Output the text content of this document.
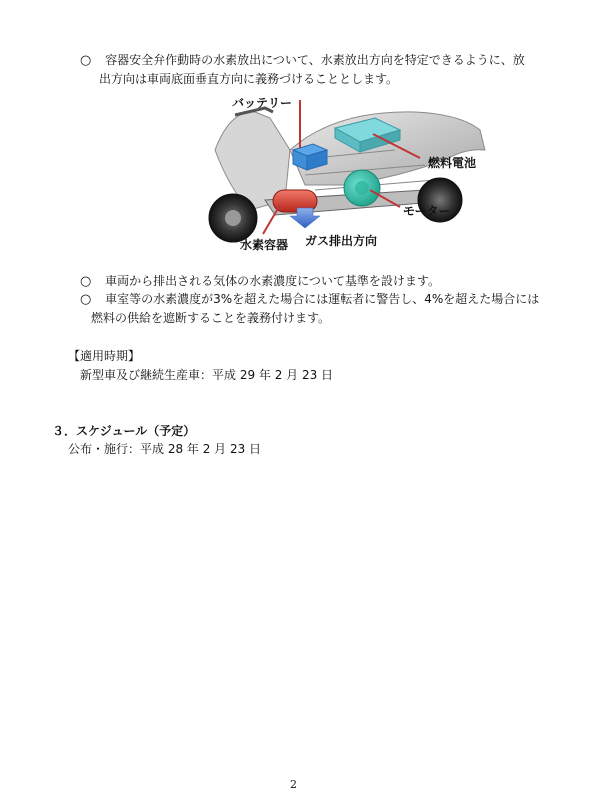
○ 容器安全弁作動時の水素放出について、水素放出方向を特定できるように、放
出方向は車両底面垂直方向に義務づけることとします。
バッテリー
燃料電池
モーター
水素容器 ガス排出方向
○ 車両から排出される気体の水素濃度について基準を設けます。
○ 車室等の水素濃度が3%を超えた場合には運転者に警告し、4%を超えた場合には
燃料の供給を遮断することを義務付けます。
【適用時期】
新型車及び継続生産車：平成 29 年 2 月 23 日
３．スケジュール（予定）
公布・施行：平成 28 年 2 月 23 日
2
